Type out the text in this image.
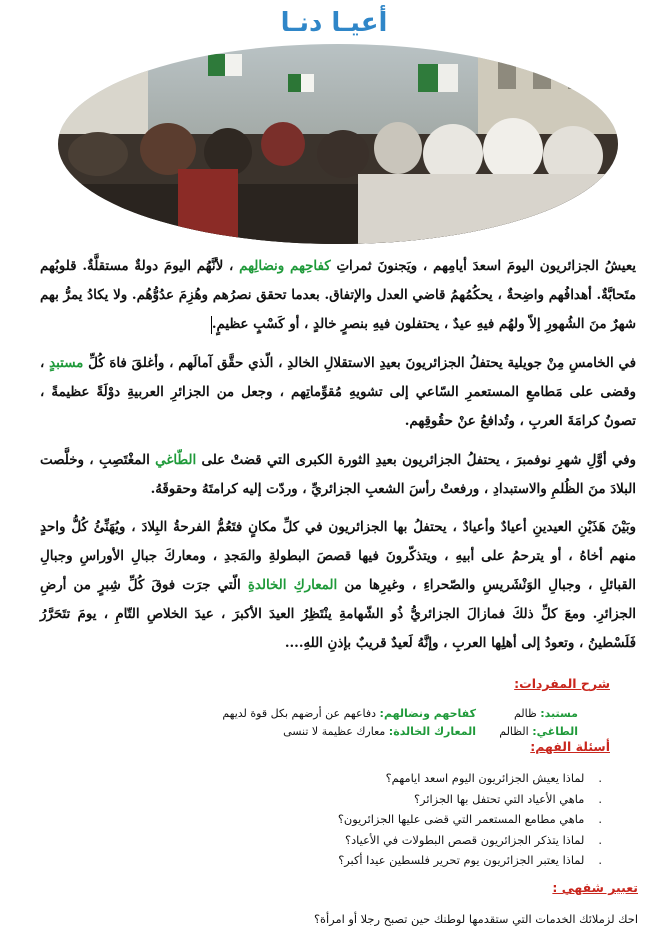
أعيـا دنـا
يعيشُ الجزائريون اليومَ اسعدَ أيامِهم ، ويَجنونَ ثمراتِ كفاحِهم ونضالِهم ، لأنَّهُم اليومَ دولةٌ مستقلَّةٌ. قلوبُهم متَحابَّةٌ. أهدافُهم واضِحةٌ ، يحكُمُهمُ قاضي العدل والإتفاق. بعدما تحقق نصرُهم وهُزِمَ عدُوُّهُم. ولا يكادُ يمرُّ بهم شهرٌ منَ الشُهورِ إلاّ ولهُم فيهِ عيدٌ ، يحتفلون فيهِ بنصرٍ خالدٍ ، أو كَسْبٍ عظيمٍ.
في الخامسِ مِنْ جويلية يحتفلُ الجزائريونَ بعيدِ الاستقلالِ الخالدِ ، الّذي حقَّق آمالَهم ، وأغلقَ فاهَ كُلِّ مستبدٍ ، وقضى على مَطامعِ المستعمرِ السّاعي إلى تشويهِ مُقوِّماتِهم ، وجعل من الجزائرِ العربيةِ دوْلَةً عظيمةً ، تصونُ كرامَةَ العربِ ، وتُدافعُ عنْ حقُوقِهم.
وفي أوَّلِ شهرِ نوفمبرَ ، يحتفلُ الجزائريون بعيدِ الثورة الكبرى التي قضتْ على الطّاغي المغْتَصِبِ ، وخلَّصت البلادَ منَ الظُلمِ والاستبدادِ ، ورفعتْ رأسَ الشعبِ الجزائريِّ ، وردّت إليه كرامتَهُ وحقوقَهُ.
وبَيْنَ هَذَيْنِ العيدينِ أعيادٌ وأعيادٌ ، يحتفلُ بها الجزائريون في كلِّ مكانٍ فتَعُمُّ الفرحةُ البِلادَ ، ويُهَنِّئُ كُلُّ واحدٍ منهم أخاهُ ، أو يترحمُ على أبيهِ ، ويتذكّرونَ فيها قصصَ البطولةِ والمَجدِ ، ومعاركَ جبالِ الأوراسِ وجبالِ القبائلِ ، وجبالِ الوَنْشَريسِ والصّحراءِ ، وغيرِها من المعاركِ الخالدةِ الّتي جرَت فوقَ كُلِّ شِبرٍ من أرضِ الجزائرِ. ومعَ كلِّ ذلكَ فمازالَ الجزائريُّ ذُو الشّهامةِ ينْتَظِرُ العيدَ الأكبرَ ، عيدَ الخلاصِ التّامِ ، يومَ تتَحَرَّرُ فَلَسْطينُ ، وتعودُ إلى أهلِها العربِ ، وإنَّهُ لَعيدٌ قريبٌ بإذنِ اللهِ....
شرح المفردات:
مستبد: ظالم
كفاحهم ونضالهم: دفاعهم عن أرضهم بكل قوة لديهم
الطاغي: الظالم
المعارك الخالدة: معارك عظيمة لا تنسى
أسئلة الفهم:
.لماذا يعيش الجزائريون اليوم اسعد ايامهم؟
.ماهي الأعياد التي تحتفل بها الجزائر؟
.ماهي مطامع المستعمر التي قضى عليها الجزائريون؟
.لماذا يتذكر الجزائريون قصص البطولات في الأعياد؟
.لماذا يعتبر الجزائريون يوم تحرير فلسطين عيدا أكبر؟
تعبير شفهي :
احك لزملائك الخدمات التي ستقدمها لوطنك حين تصبح رجلا أو امرأة؟
